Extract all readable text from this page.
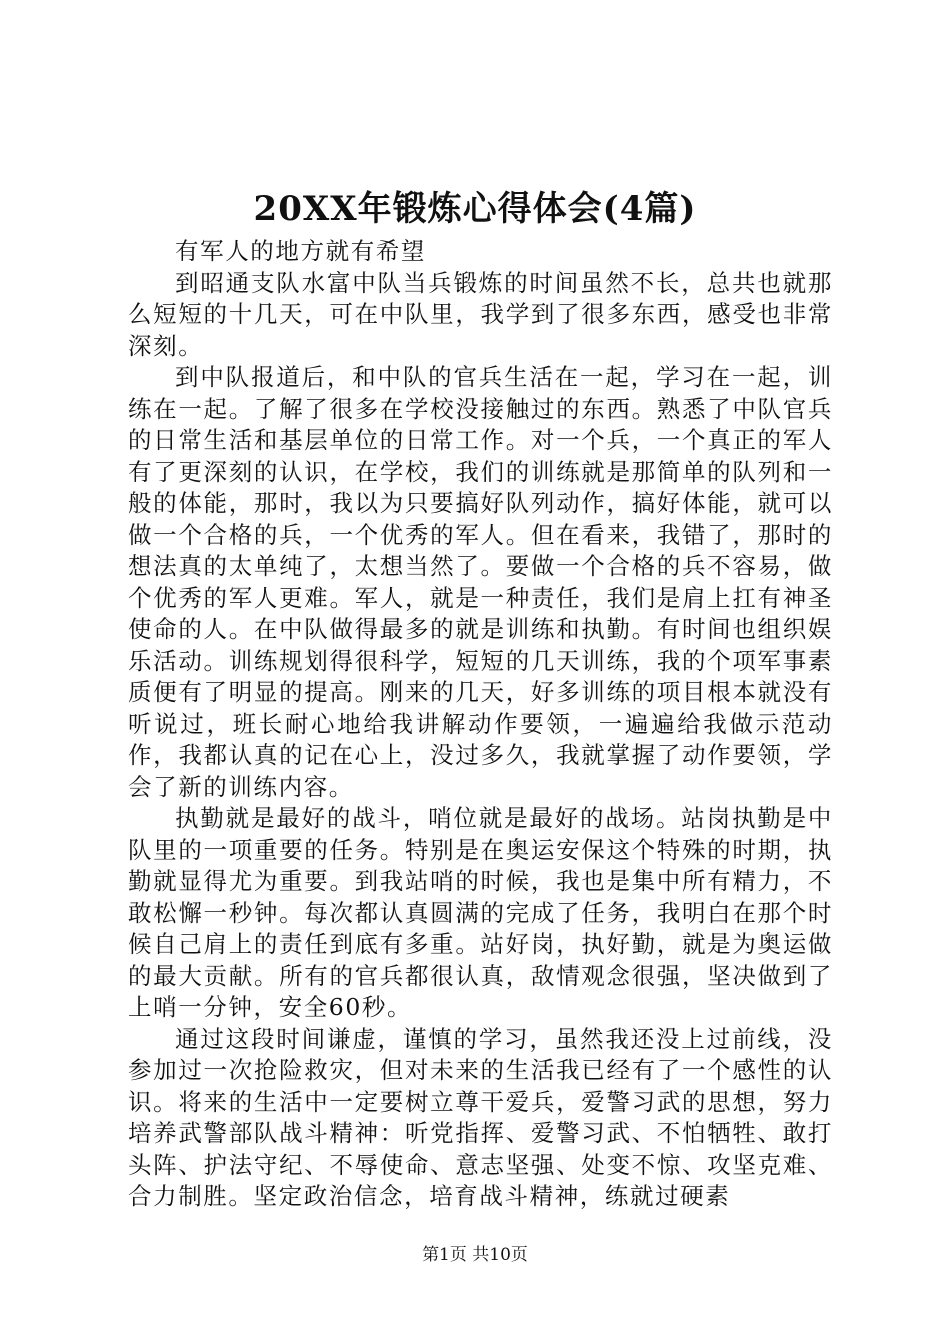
20XX年锻炼心得体会(4篇)

有军人的地方就有希望

到昭通支队水富中队当兵锻炼的时间虽然不长，总共也就那么短短的十几天，可在中队里，我学到了很多东西，感受也非常深刻。

到中队报道后，和中队的官兵生活在一起，学习在一起，训练在一起。了解了很多在学校没接触过的东西。熟悉了中队官兵的日常生活和基层单位的日常工作。对一个兵，一个真正的军人有了更深刻的认识，在学校，我们的训练就是那简单的队列和一般的体能，那时，我以为只要搞好队列动作，搞好体能，就可以做一个合格的兵，一个优秀的军人。但在看来，我错了，那时的想法真的太单纯了，太想当然了。要做一个合格的兵不容易，做个优秀的军人更难。军人，就是一种责任，我们是肩上扛有神圣使命的人。在中队做得最多的就是训练和执勤。有时间也组织娱乐活动。训练规划得很科学，短短的几天训练，我的个项军事素质便有了明显的提高。刚来的几天，好多训练的项目根本就没有听说过，班长耐心地给我讲解动作要领，一遍遍给我做示范动作，我都认真的记在心上，没过多久，我就掌握了动作要领，学会了新的训练内容。

执勤就是最好的战斗，哨位就是最好的战场。站岗执勤是中队里的一项重要的任务。特别是在奥运安保这个特殊的时期，执勤就显得尤为重要。到我站哨的时候，我也是集中所有精力，不敢松懈一秒钟。每次都认真圆满的完成了任务，我明白在那个时候自己肩上的责任到底有多重。站好岗，执好勤，就是为奥运做的最大贡献。所有的官兵都很认真，敌情观念很强，坚决做到了上哨一分钟，安全60秒。

通过这段时间谦虚，谨慎的学习，虽然我还没上过前线，没参加过一次抢险救灾，但对未来的生活我已经有了一个感性的认识。将来的生活中一定要树立尊干爱兵，爱警习武的思想，努力培养武警部队战斗精神：听党指挥、爱警习武、不怕牺牲、敢打头阵、护法守纪、不辱使命、意志坚强、处变不惊、攻坚克难、合力制胜。坚定政治信念，培育战斗精神，练就过硬素

第1页 共10页
